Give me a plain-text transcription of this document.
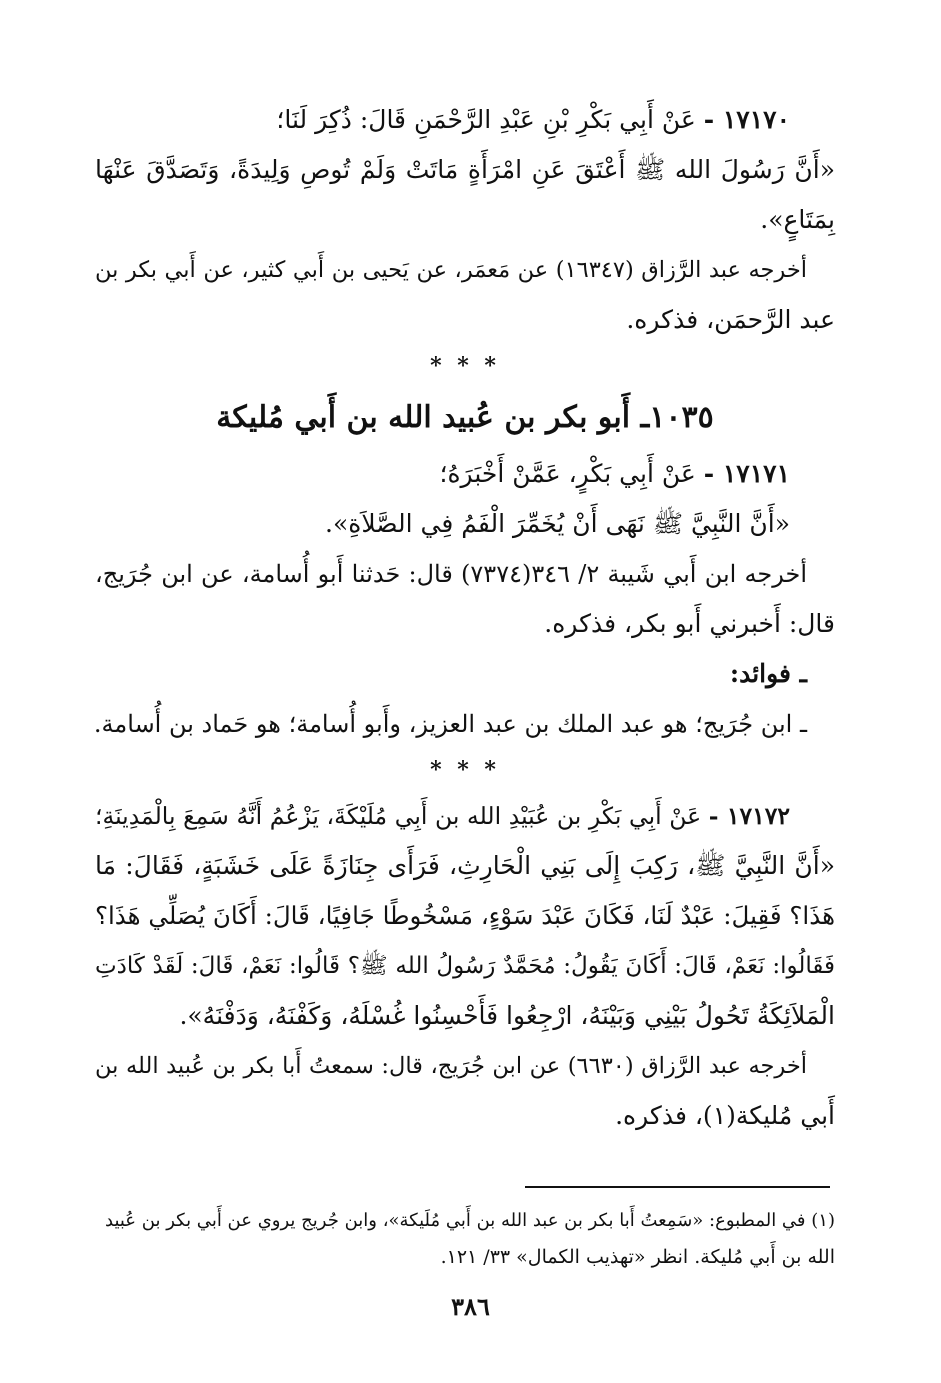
١٧١٧٠ - عَنْ أَبِي بَكْرِ بْنِ عَبْدِ الرَّحْمَنِ قَالَ: ذُكِرَ لَنَا؛

«أَنَّ رَسُولَ الله ﷺ أَعْتَقَ عَنِ امْرَأَةٍ مَاتَتْ وَلَمْ تُوصِ وَلِيدَةً، وَتَصَدَّقَ عَنْهَا

بِمَتَاعٍ».

أخرجه عبد الرَّزاق (١٦٣٤٧) عن مَعمَر، عن يَحيى بن أَبي كثير، عن أَبي بكر بن

عبد الرَّحمَن، فذكره.

* * *

١٠٣٥ـ أَبو بكر بن عُبيد الله بن أَبي مُليكة

١٧١٧١ - عَنْ أَبِي بَكْرٍ، عَمَّنْ أَخْبَرَهُ؛

«أَنَّ النَّبِيَّ ﷺ نَهَى أَنْ يُخَمِّرَ الْفَمُ فِي الصَّلاَةِ».

أخرجه ابن أَبي شَيبة ٢/ ٣٤٦(٧٣٧٤) قال: حَدثنا أَبو أُسامة، عن ابن جُرَيج،

قال: أَخبرني أَبو بكر، فذكره.

ـ فوائد:

ـ ابن جُرَيج؛ هو عبد الملك بن عبد العزيز، وأَبو أُسامة؛ هو حَماد بن أُسامة.

* * *

١٧١٧٢ - عَنْ أَبِي بَكْرِ بن عُبَيْدِ الله بن أَبِي مُلَيْكَةَ، يَزْعُمُ أَنَّهُ سَمِعَ بِالْمَدِينَةِ؛

«أَنَّ النَّبِيَّ ﷺ، رَكِبَ إِلَى بَنِي الْحَارِثِ، فَرَأَى جِنَازَةً عَلَى خَشَبَةٍ، فَقَالَ: مَا

هَذَا؟ فَقِيلَ: عَبْدٌ لَنَا، فَكَانَ عَبْدَ سَوْءٍ، مَسْخُوطًا جَافِيًا، قَالَ: أَكَانَ يُصَلِّي هَذَا؟

فَقَالُوا: نَعَمْ، قَالَ: أَكَانَ يَقُولُ: مُحَمَّدٌ رَسُولُ الله ﷺ؟ قَالُوا: نَعَمْ، قَالَ: لَقَدْ كَادَتِ

الْمَلاَئِكَةُ تَحُولُ بَيْنِي وَبَيْنَهُ، ارْجِعُوا فَأَحْسِنُوا غُسْلَهُ، وَكَفْنَهُ، وَدَفْنَهُ».

أخرجه عبد الرَّزاق (٦٦٣٠) عن ابن جُرَيج، قال: سمعتُ أَبا بكر بن عُبيد الله بن

أَبي مُليكة(١)، فذكره.

(١) في المطبوع: «سَمِعتُ أَبا بكر بن عبد الله بن أَبي مُلَيكة»، وابن جُريج يروي عن أَبي بكر بن عُبيد

الله بن أَبي مُليكة. انظر «تهذيب الكمال» ٣٣/ ١٢١.

٣٨٦
